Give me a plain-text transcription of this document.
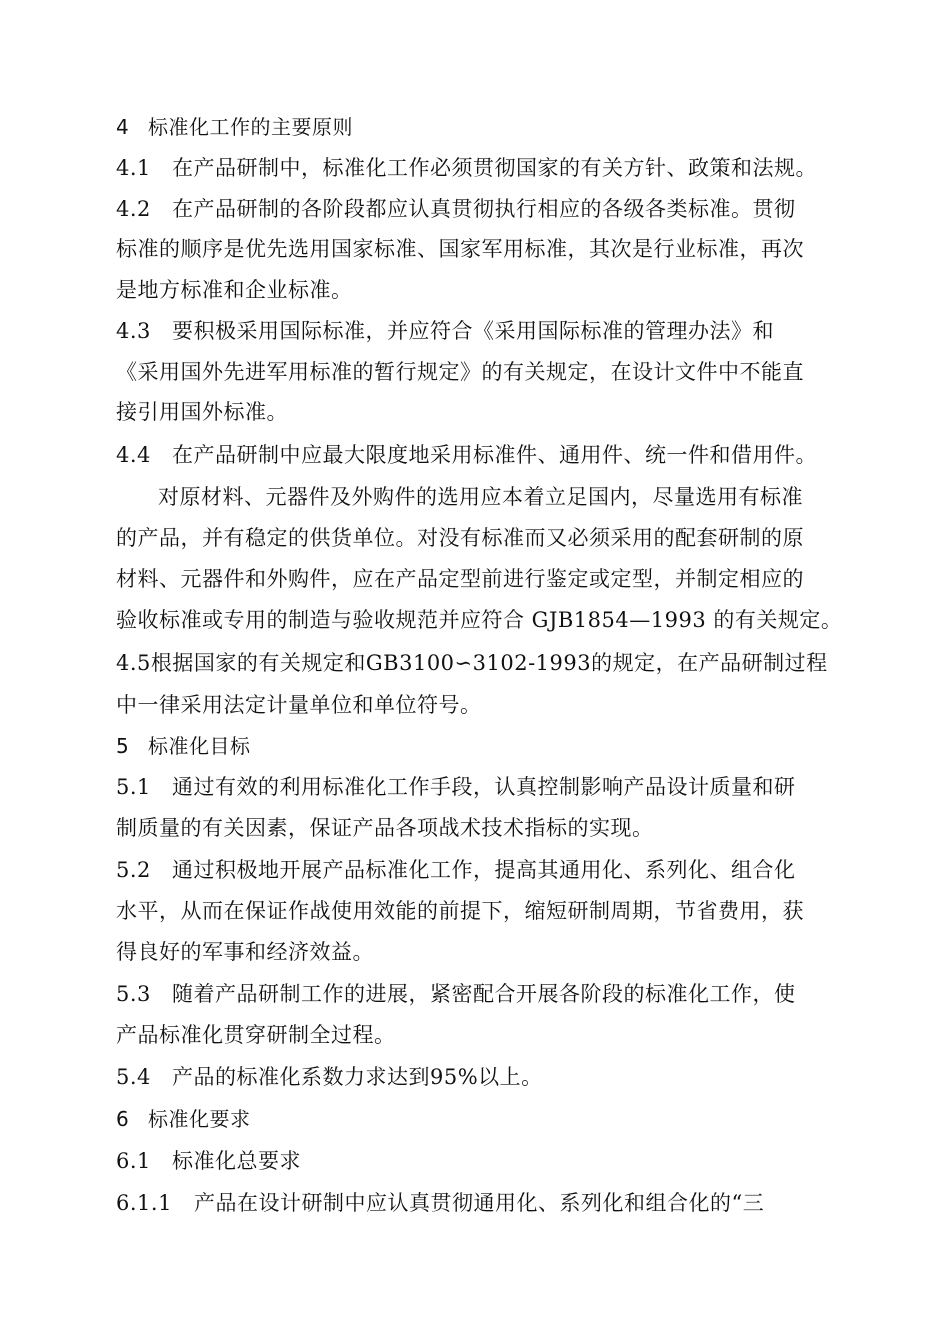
4 标准化工作的主要原则
4.1 在产品研制中，标准化工作必须贯彻国家的有关方针、政策和法规。
4.2 在产品研制的各阶段都应认真贯彻执行相应的各级各类标准。贯彻
标准的顺序是优先选用国家标准、国家军用标准，其次是行业标准，再次
是地方标准和企业标准。
4.3 要积极采用国际标准，并应符合《采用国际标准的管理办法》和
《采用国外先进军用标准的暂行规定》的有关规定，在设计文件中不能直
接引用国外标准。
4.4 在产品研制中应最大限度地采用标准件、通用件、统一件和借用件。
对原材料、元器件及外购件的选用应本着立足国内，尽量选用有标准
的产品，并有稳定的供货单位。对没有标准而又必须采用的配套研制的原
材料、元器件和外购件，应在产品定型前进行鉴定或定型，并制定相应的
验收标准或专用的制造与验收规范并应符合 GJB1854—1993 的有关规定。
4.5根据国家的有关规定和GB3100∽3102-1993的规定，在产品研制过程
中一律采用法定计量单位和单位符号。
5 标准化目标
5.1 通过有效的利用标准化工作手段，认真控制影响产品设计质量和研
制质量的有关因素，保证产品各项战术技术指标的实现。
5.2 通过积极地开展产品标准化工作，提高其通用化、系列化、组合化
水平，从而在保证作战使用效能的前提下，缩短研制周期，节省费用，获
得良好的军事和经济效益。
5.3 随着产品研制工作的进展，紧密配合开展各阶段的标准化工作，使
产品标准化贯穿研制全过程。
5.4 产品的标准化系数力求达到95%以上。
6 标准化要求
6.1 标准化总要求
6.1.1 产品在设计研制中应认真贯彻通用化、系列化和组合化的“三
